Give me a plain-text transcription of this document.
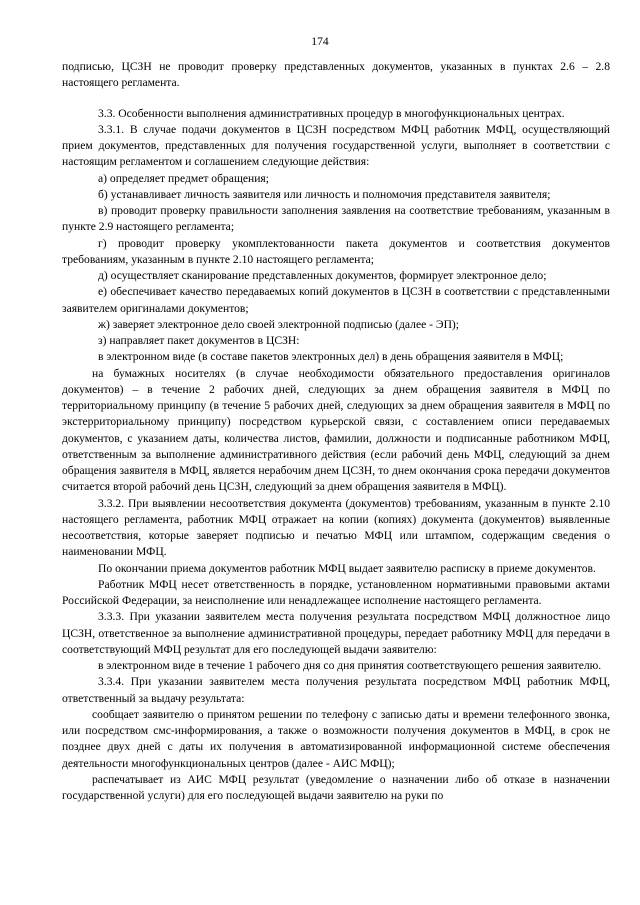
174

подписью, ЦСЗН не проводит проверку представленных документов, указанных в пунктах 2.6 – 2.8 настоящего регламента.

3.3. Особенности выполнения административных процедур в многофункциональных центрах.

3.3.1. В случае подачи документов в ЦСЗН посредством МФЦ работник МФЦ, осуществляющий прием документов, представленных для получения государственной услуги, выполняет в соответствии с настоящим регламентом и соглашением следующие действия:

а) определяет предмет обращения;

б) устанавливает личность заявителя или личность и полномочия представителя заявителя;

в) проводит проверку правильности заполнения заявления на соответствие требованиям, указанным в пункте 2.9 настоящего регламента;

г) проводит проверку укомплектованности пакета документов и соответствия документов требованиям, указанным в пункте 2.10 настоящего регламента;

д) осуществляет сканирование представленных документов, формирует электронное дело;

е) обеспечивает качество передаваемых копий документов в ЦСЗН в соответствии с представленными заявителем оригиналами документов;

ж) заверяет электронное дело своей электронной подписью (далее - ЭП);

з) направляет пакет документов в ЦСЗН:

в электронном виде (в составе пакетов электронных дел) в день обращения заявителя в МФЦ;

на бумажных носителях (в случае необходимости обязательного предоставления оригиналов документов) – в течение 2 рабочих дней, следующих за днем обращения заявителя в МФЦ по территориальному принципу (в течение 5 рабочих дней, следующих за днем обращения заявителя в МФЦ по экстерриториальному принципу) посредством курьерской связи, с составлением описи передаваемых документов, с указанием даты, количества листов, фамилии, должности и подписанные работником МФЦ, ответственным за выполнение административного действия (если рабочий день МФЦ, следующий за днем обращения заявителя в МФЦ, является нерабочим днем ЦСЗН, то днем окончания срока передачи документов считается второй рабочий день ЦСЗН, следующий за днем обращения заявителя в МФЦ).

3.3.2. При выявлении несоответствия документа (документов) требованиям, указанным в пункте 2.10 настоящего регламента, работник МФЦ отражает на копии (копиях) документа (документов) выявленные несоответствия, которые заверяет подписью и печатью МФЦ или штампом, содержащим сведения о наименовании МФЦ.

По окончании приема документов работник МФЦ выдает заявителю расписку в приеме документов.

Работник МФЦ несет ответственность в порядке, установленном нормативными правовыми актами Российской Федерации, за неисполнение или ненадлежащее исполнение настоящего регламента.

3.3.3. При указании заявителем места получения результата посредством МФЦ должностное лицо ЦСЗН, ответственное за выполнение административной процедуры, передает работнику МФЦ для передачи в соответствующий МФЦ результат для его последующей выдачи заявителю:

в электронном виде в течение 1 рабочего дня со дня принятия соответствующего решения заявителю.

3.3.4. При указании заявителем места получения результата посредством МФЦ работник МФЦ, ответственный за выдачу результата:

сообщает заявителю о принятом решении по телефону с записью даты и времени телефонного звонка, или посредством смс-информирования, а также о возможности получения документов в МФЦ, в срок не позднее двух дней с даты их получения в автоматизированной информационной системе обеспечения деятельности многофункциональных центров (далее - АИС МФЦ);

распечатывает из АИС МФЦ результат (уведомление о назначении либо об отказе в назначении государственной услуги) для его последующей выдачи заявителю на руки по
